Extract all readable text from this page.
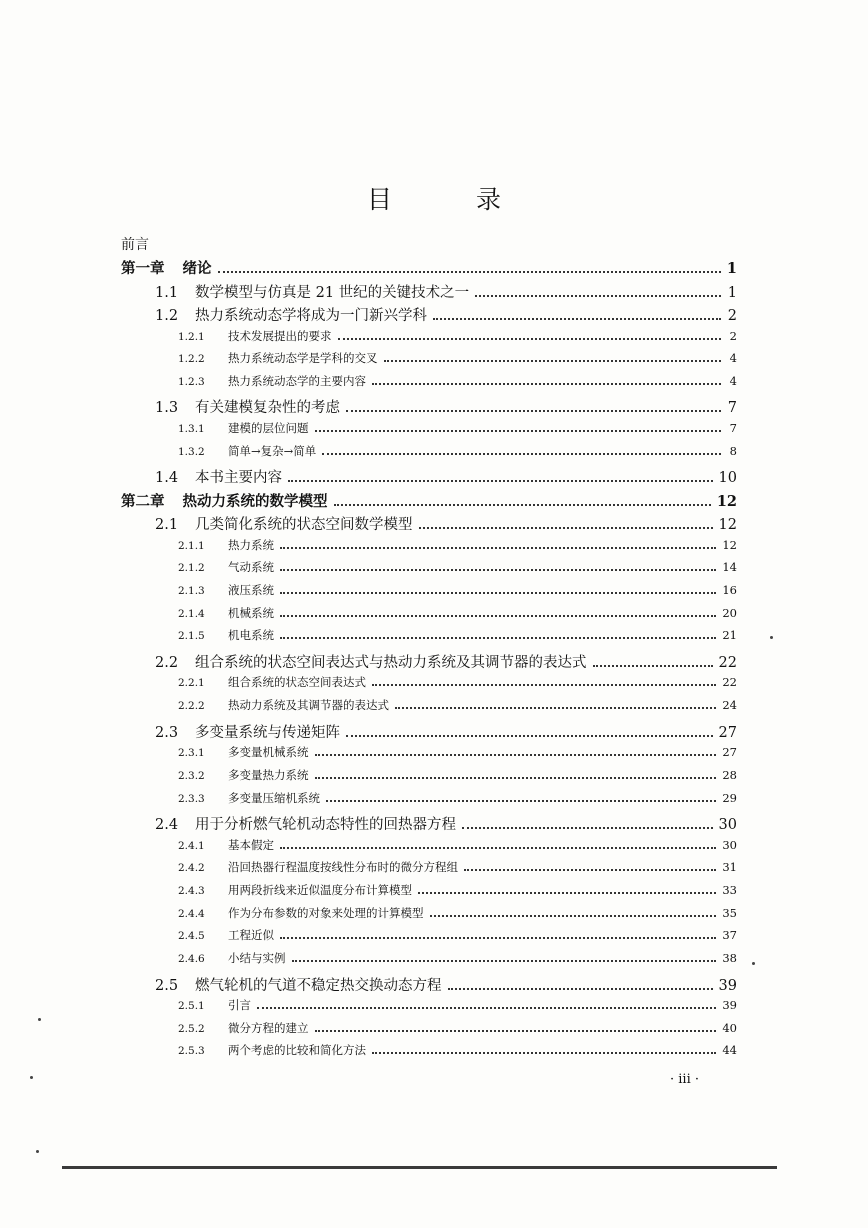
目 录
前言
第一章 绪论	1
1.1	数学模型与仿真是 21 世纪的关键技术之一	1
1.2	热力系统动态学将成为一门新兴学科	2
1.2.1	技术发展提出的要求	2
1.2.2	热力系统动态学是学科的交叉	4
1.2.3	热力系统动态学的主要内容	4
1.3	有关建模复杂性的考虑	7
1.3.1	建模的层位问题	7
1.3.2	简单→复杂→简单	8
1.4	本书主要内容	10
第二章 热动力系统的数学模型	12
2.1	几类简化系统的状态空间数学模型	12
2.1.1	热力系统	12
2.1.2	气动系统	14
2.1.3	液压系统	16
2.1.4	机械系统	20
2.1.5	机电系统	21
2.2	组合系统的状态空间表达式与热动力系统及其调节器的表达式	22
2.2.1	组合系统的状态空间表达式	22
2.2.2	热动力系统及其调节器的表达式	24
2.3	多变量系统与传递矩阵	27
2.3.1	多变量机械系统	27
2.3.2	多变量热力系统	28
2.3.3	多变量压缩机系统	29
2.4	用于分析燃气轮机动态特性的回热器方程	30
2.4.1	基本假定	30
2.4.2	沿回热器行程温度按线性分布时的微分方程组	31
2.4.3	用两段折线来近似温度分布计算模型	33
2.4.4	作为分布参数的对象来处理的计算模型	35
2.4.5	工程近似	37
2.4.6	小结与实例	38
2.5	燃气轮机的气道不稳定热交换动态方程	39
2.5.1	引言	39
2.5.2	微分方程的建立	40
2.5.3	两个考虑的比较和简化方法	44
· iii ·
